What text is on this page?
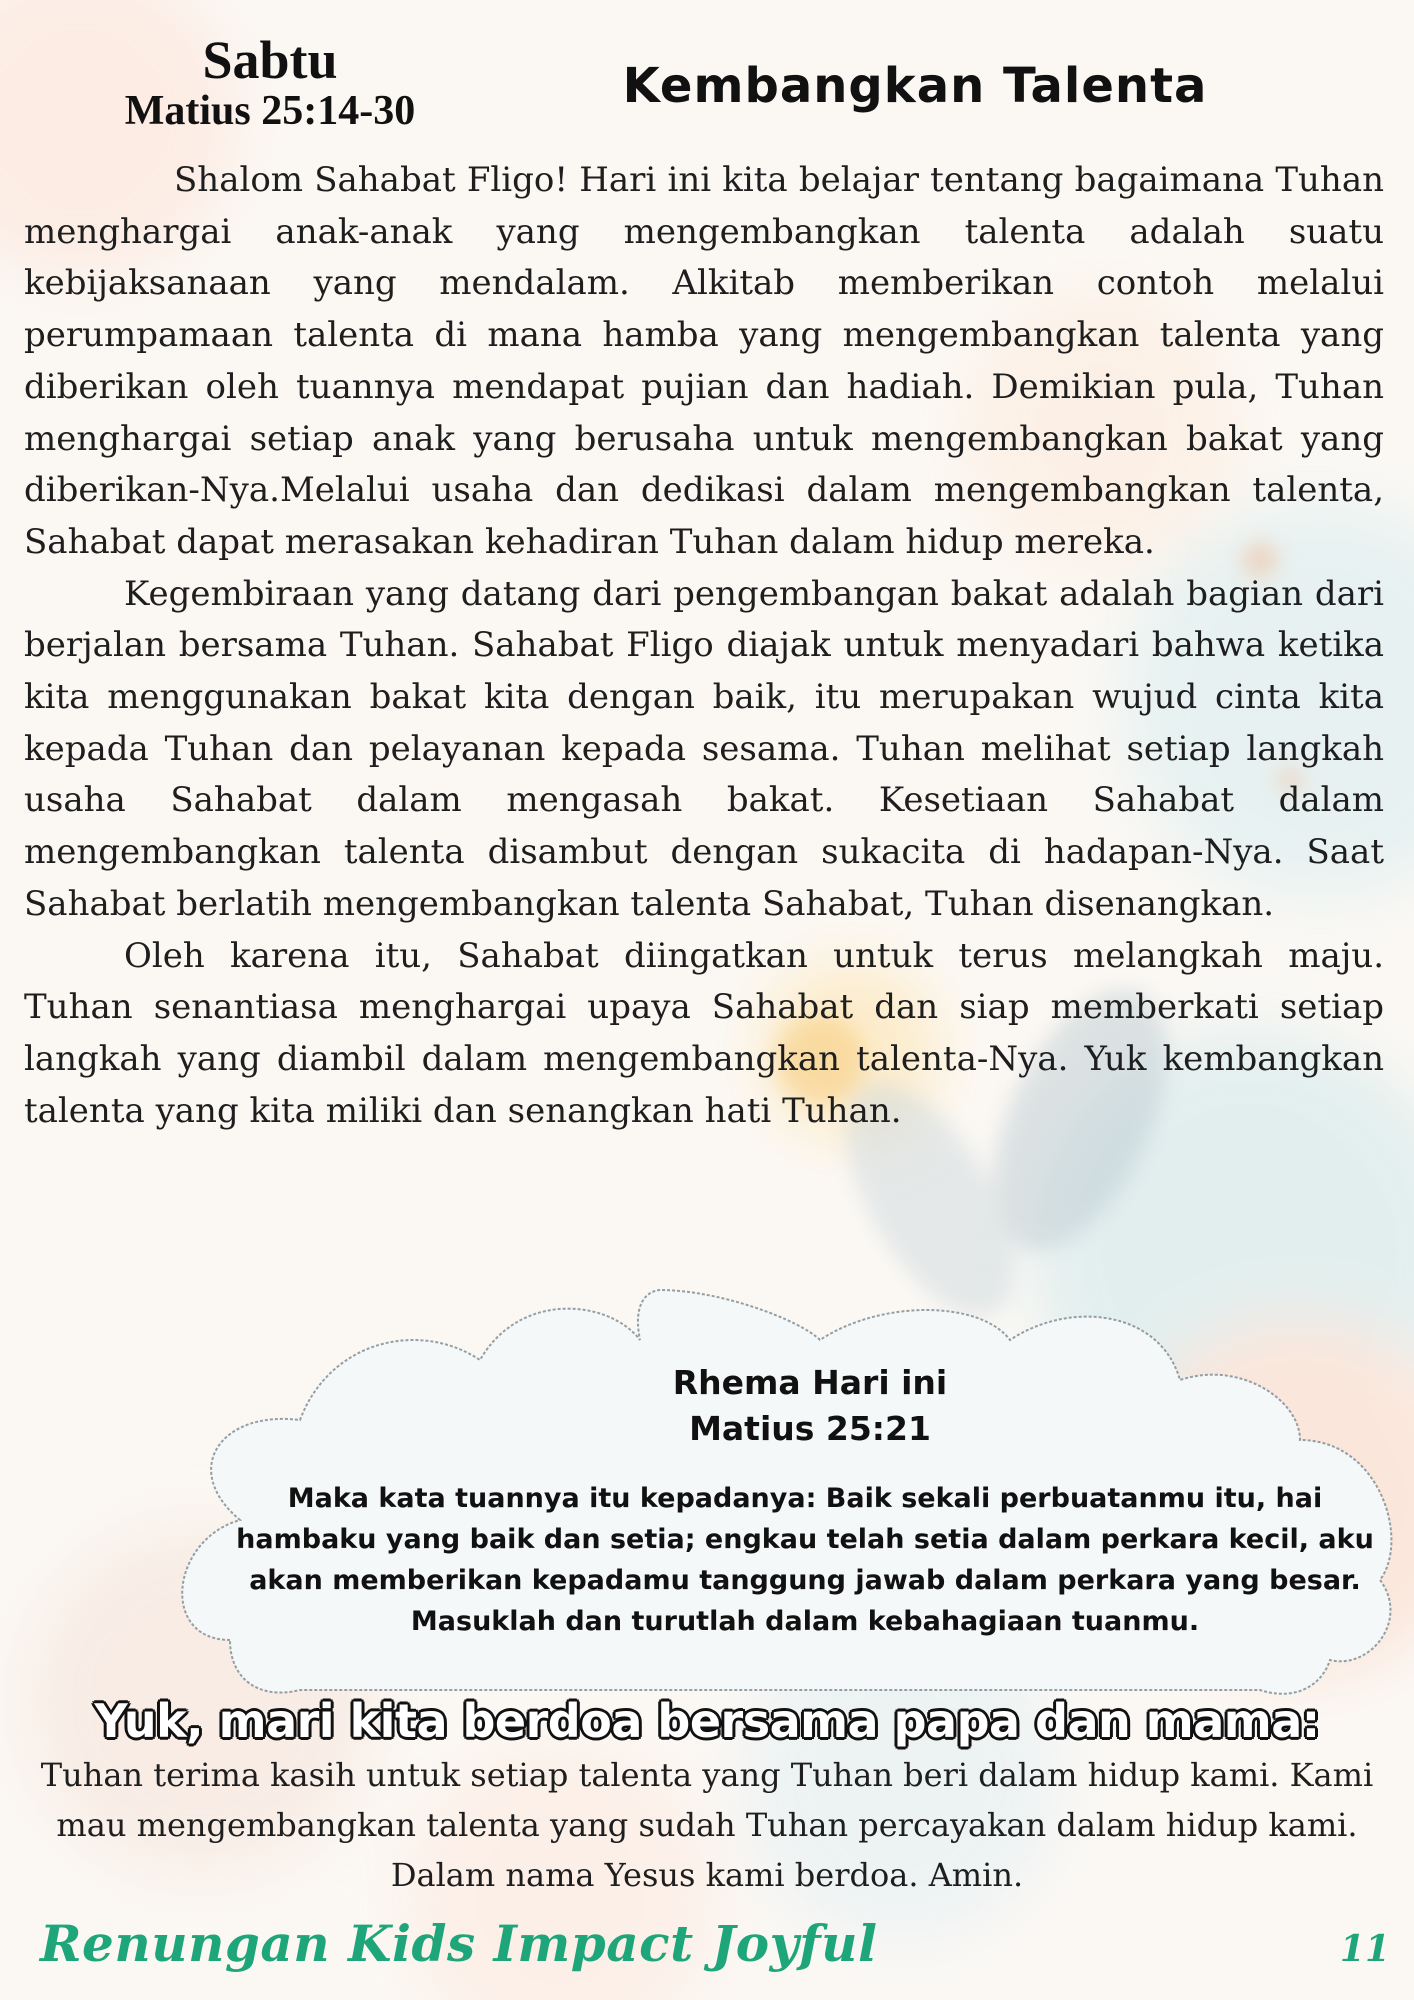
Sabtu
Matius 25:14-30	Kembangkan Talenta

Shalom Sahabat Fligo! Hari ini kita belajar tentang bagaimana Tuhan menghargai anak-anak yang mengembangkan talenta adalah suatu kebijaksanaan yang mendalam. Alkitab memberikan contoh melalui perumpamaan talenta di mana hamba yang mengembangkan talenta yang diberikan oleh tuannya mendapat pujian dan hadiah. Demikian pula, Tuhan menghargai setiap anak yang berusaha untuk mengembangkan bakat yang diberikan-Nya.Melalui usaha dan dedikasi dalam mengembangkan talenta, Sahabat dapat merasakan kehadiran Tuhan dalam hidup mereka.

Kegembiraan yang datang dari pengembangan bakat adalah bagian dari berjalan bersama Tuhan. Sahabat Fligo diajak untuk menyadari bahwa ketika kita menggunakan bakat kita dengan baik, itu merupakan wujud cinta kita kepada Tuhan dan pelayanan kepada sesama. Tuhan melihat setiap langkah usaha Sahabat dalam mengasah bakat. Kesetiaan Sahabat dalam mengembangkan talenta disambut dengan sukacita di hadapan-Nya. Saat Sahabat berlatih mengembangkan talenta Sahabat, Tuhan disenangkan.

Oleh karena itu, Sahabat diingatkan untuk terus melangkah maju. Tuhan senantiasa menghargai upaya Sahabat dan siap memberkati setiap langkah yang diambil dalam mengembangkan talenta-Nya. Yuk kembangkan talenta yang kita miliki dan senangkan hati Tuhan.

Rhema Hari ini
Matius 25:21
Maka kata tuannya itu kepadanya: Baik sekali perbuatanmu itu, hai hambaku yang baik dan setia; engkau telah setia dalam perkara kecil, aku akan memberikan kepadamu tanggung jawab dalam perkara yang besar. Masuklah dan turutlah dalam kebahagiaan tuanmu.
Yuk, mari kita berdoa bersama papa dan mama:
Tuhan terima kasih untuk setiap talenta yang Tuhan beri dalam hidup kami. Kami mau mengembangkan talenta yang sudah Tuhan percayakan dalam hidup kami. Dalam nama Yesus kami berdoa. Amin.
Renungan Kids Impact Joyful	11
